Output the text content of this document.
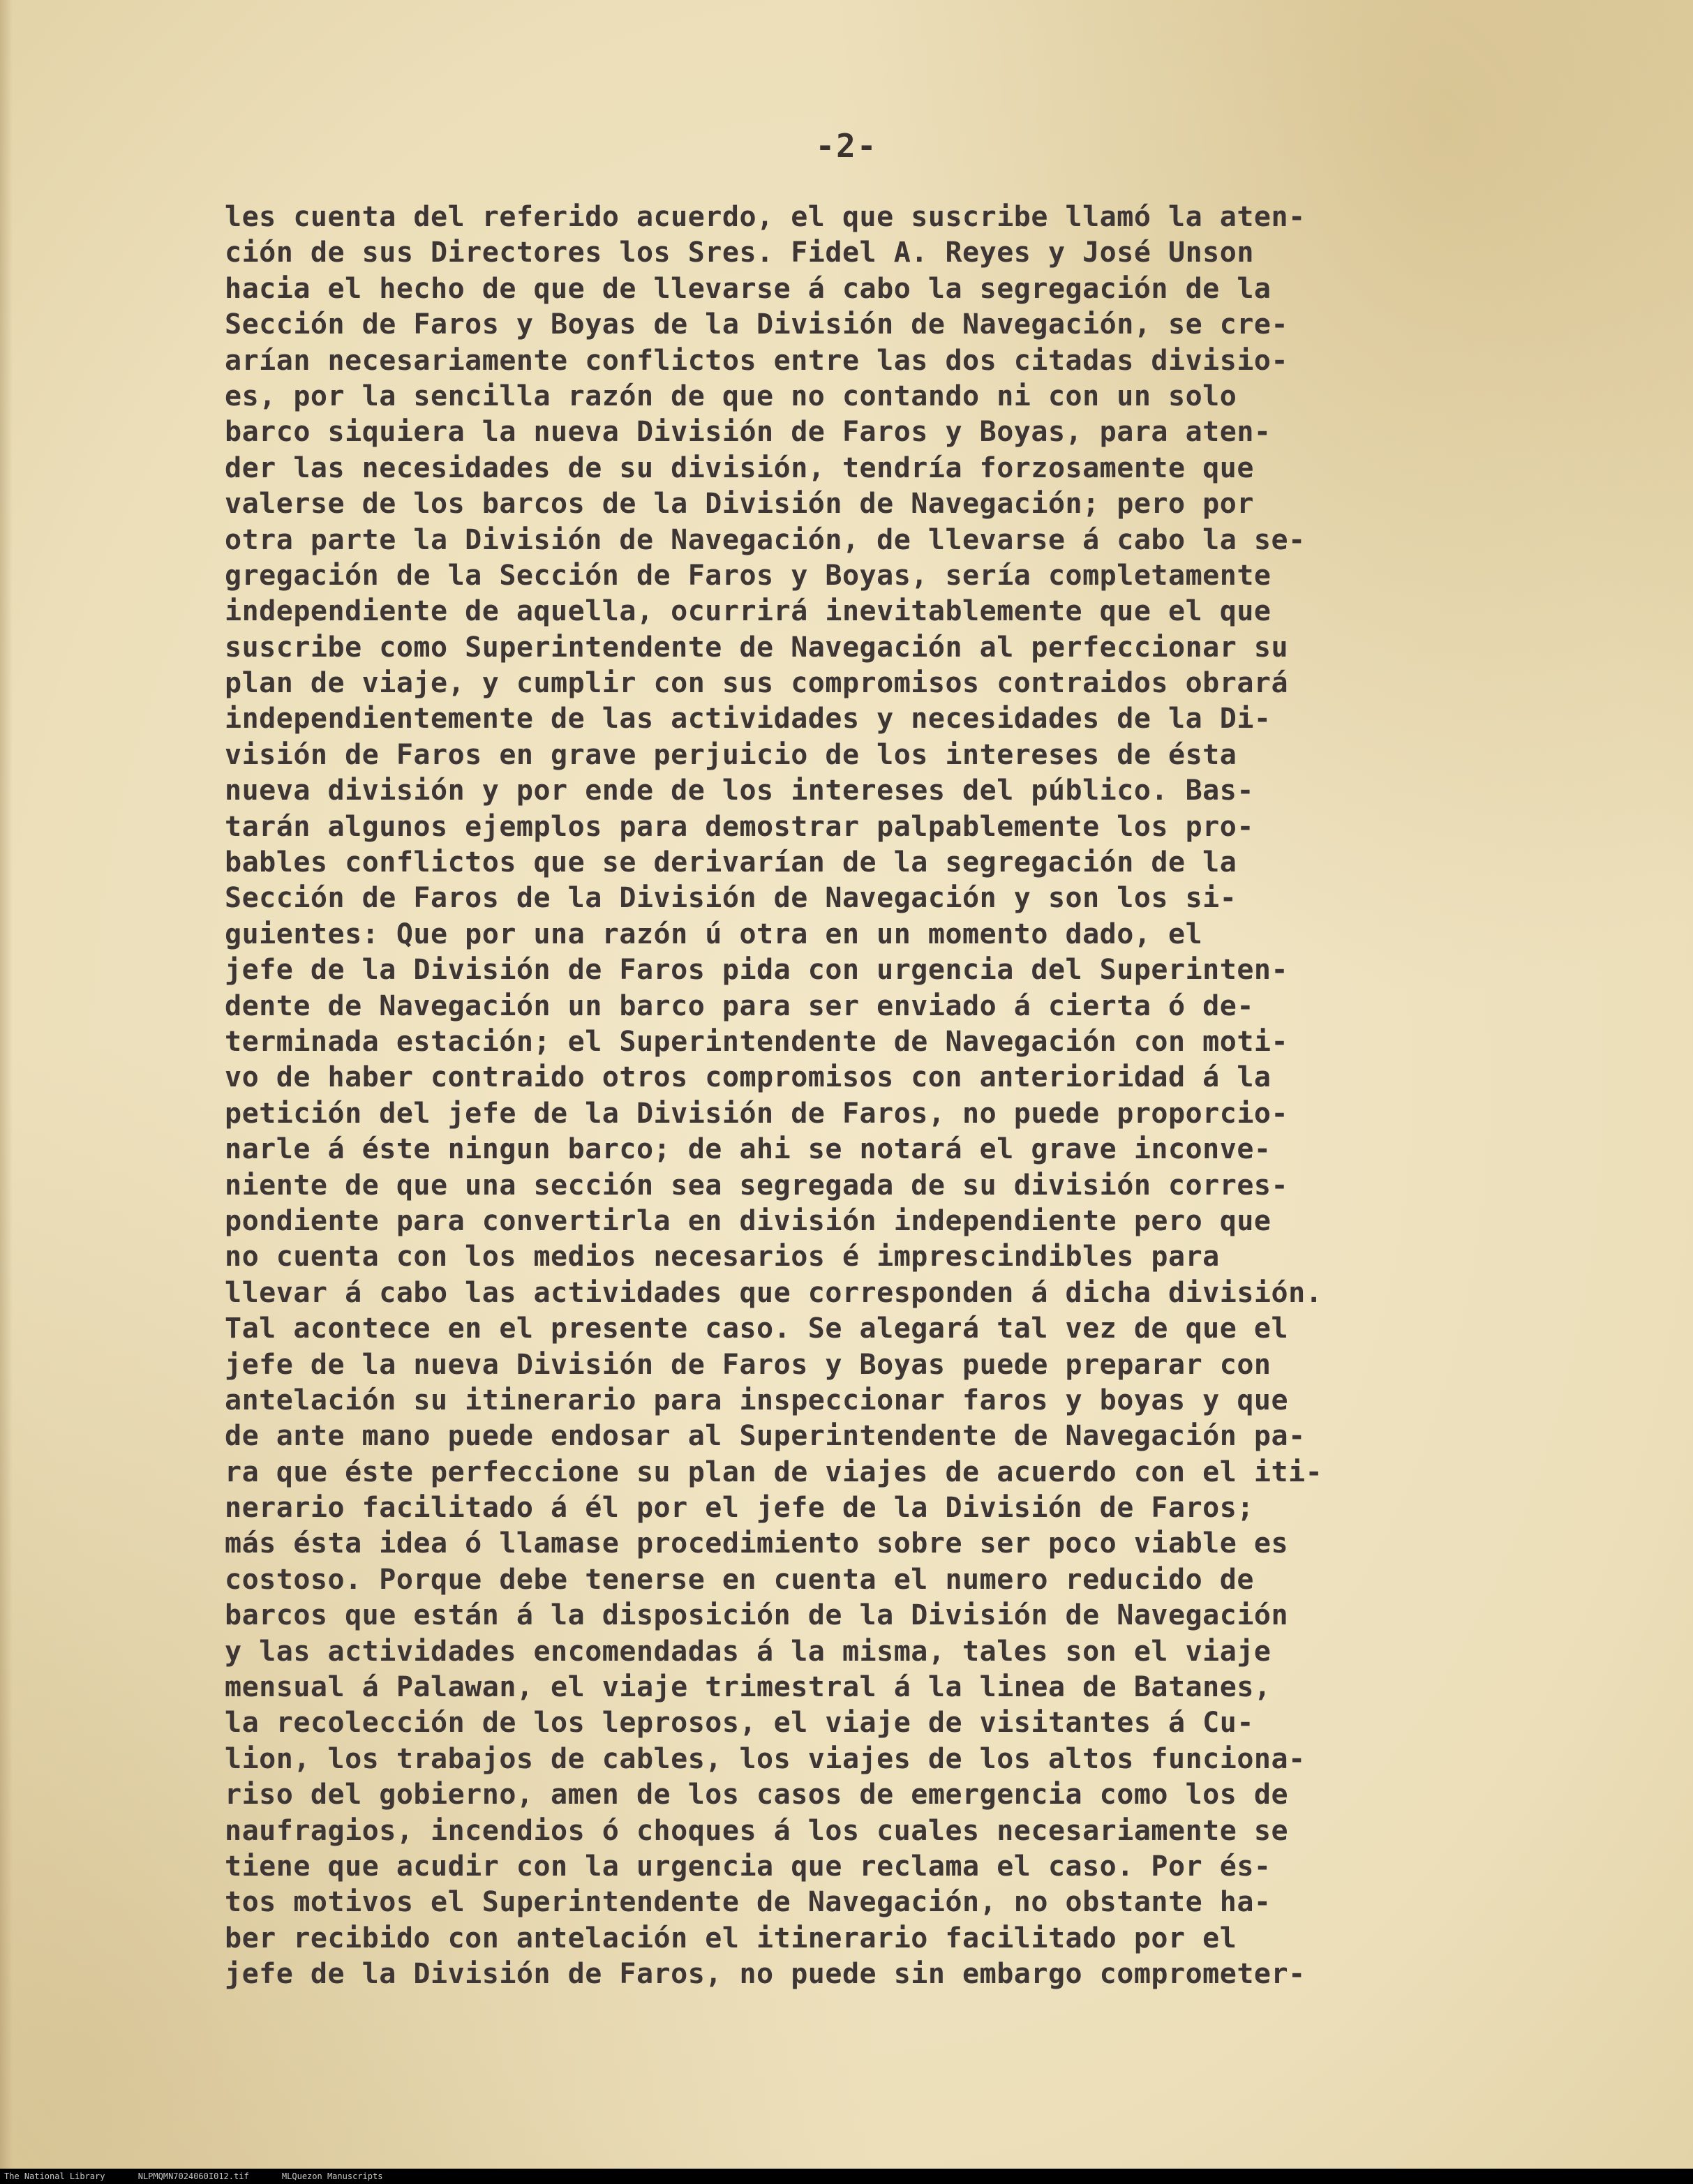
-2-
les cuenta del referido acuerdo, el que suscribe llamó la aten-
ción de sus Directores los Sres. Fidel A. Reyes y José Unson
hacia el hecho de que de llevarse á cabo la segregación de la
Sección de Faros y Boyas de la División de Navegación, se cre-
arían necesariamente conflictos entre las dos citadas divisio-
es, por la sencilla razón de que no contando ni con un solo
barco siquiera la nueva División de Faros y Boyas, para aten-
der las necesidades de su división, tendría forzosamente que
valerse de los barcos de la División de Navegación; pero por
otra parte la División de Navegación, de llevarse á cabo la se-
gregación de la Sección de Faros y Boyas, sería completamente
independiente de aquella, ocurrirá inevitablemente que el que
suscribe como Superintendente de Navegación al perfeccionar su
plan de viaje, y cumplir con sus compromisos contraidos obrará
independientemente de las actividades y necesidades de la Di-
visión de Faros en grave perjuicio de los intereses de ésta
nueva división y por ende de los intereses del público. Bas-
tarán algunos ejemplos para demostrar palpablemente los pro-
bables conflictos que se derivarían de la segregación de la
Sección de Faros de la División de Navegación y son los si-
guientes: Que por una razón ú otra en un momento dado, el
jefe de la División de Faros pida con urgencia del Superinten-
dente de Navegación un barco para ser enviado á cierta ó de-
terminada estación; el Superintendente de Navegación con moti-
vo de haber contraido otros compromisos con anterioridad á la
petición del jefe de la División de Faros, no puede proporcio-
narle á éste ningun barco; de ahi se notará el grave inconve-
niente de que una sección sea segregada de su división corres-
pondiente para convertirla en división independiente pero que
no cuenta con los medios necesarios é imprescindibles para
llevar á cabo las actividades que corresponden á dicha división.
Tal acontece en el presente caso. Se alegará tal vez de que el
jefe de la nueva División de Faros y Boyas puede preparar con
antelación su itinerario para inspeccionar faros y boyas y que
de ante mano puede endosar al Superintendente de Navegación pa-
ra que éste perfeccione su plan de viajes de acuerdo con el iti-
nerario facilitado á él por el jefe de la División de Faros;
más ésta idea ó llamase procedimiento sobre ser poco viable es
costoso. Porque debe tenerse en cuenta el numero reducido de
barcos que están á la disposición de la División de Navegación
y las actividades encomendadas á la misma, tales son el viaje
mensual á Palawan, el viaje trimestral á la linea de Batanes,
la recolección de los leprosos, el viaje de visitantes á Cu-
lion, los trabajos de cables, los viajes de los altos funciona-
riso del gobierno, amen de los casos de emergencia como los de
naufragios, incendios ó choques á los cuales necesariamente se
tiene que acudir con la urgencia que reclama el caso. Por és-
tos motivos el Superintendente de Navegación, no obstante ha-
ber recibido con antelación el itinerario facilitado por el
jefe de la División de Faros, no puede sin embargo comprometer-
The National Library	NLPMQMN7024060I012.tif	MLQuezon Manuscripts
